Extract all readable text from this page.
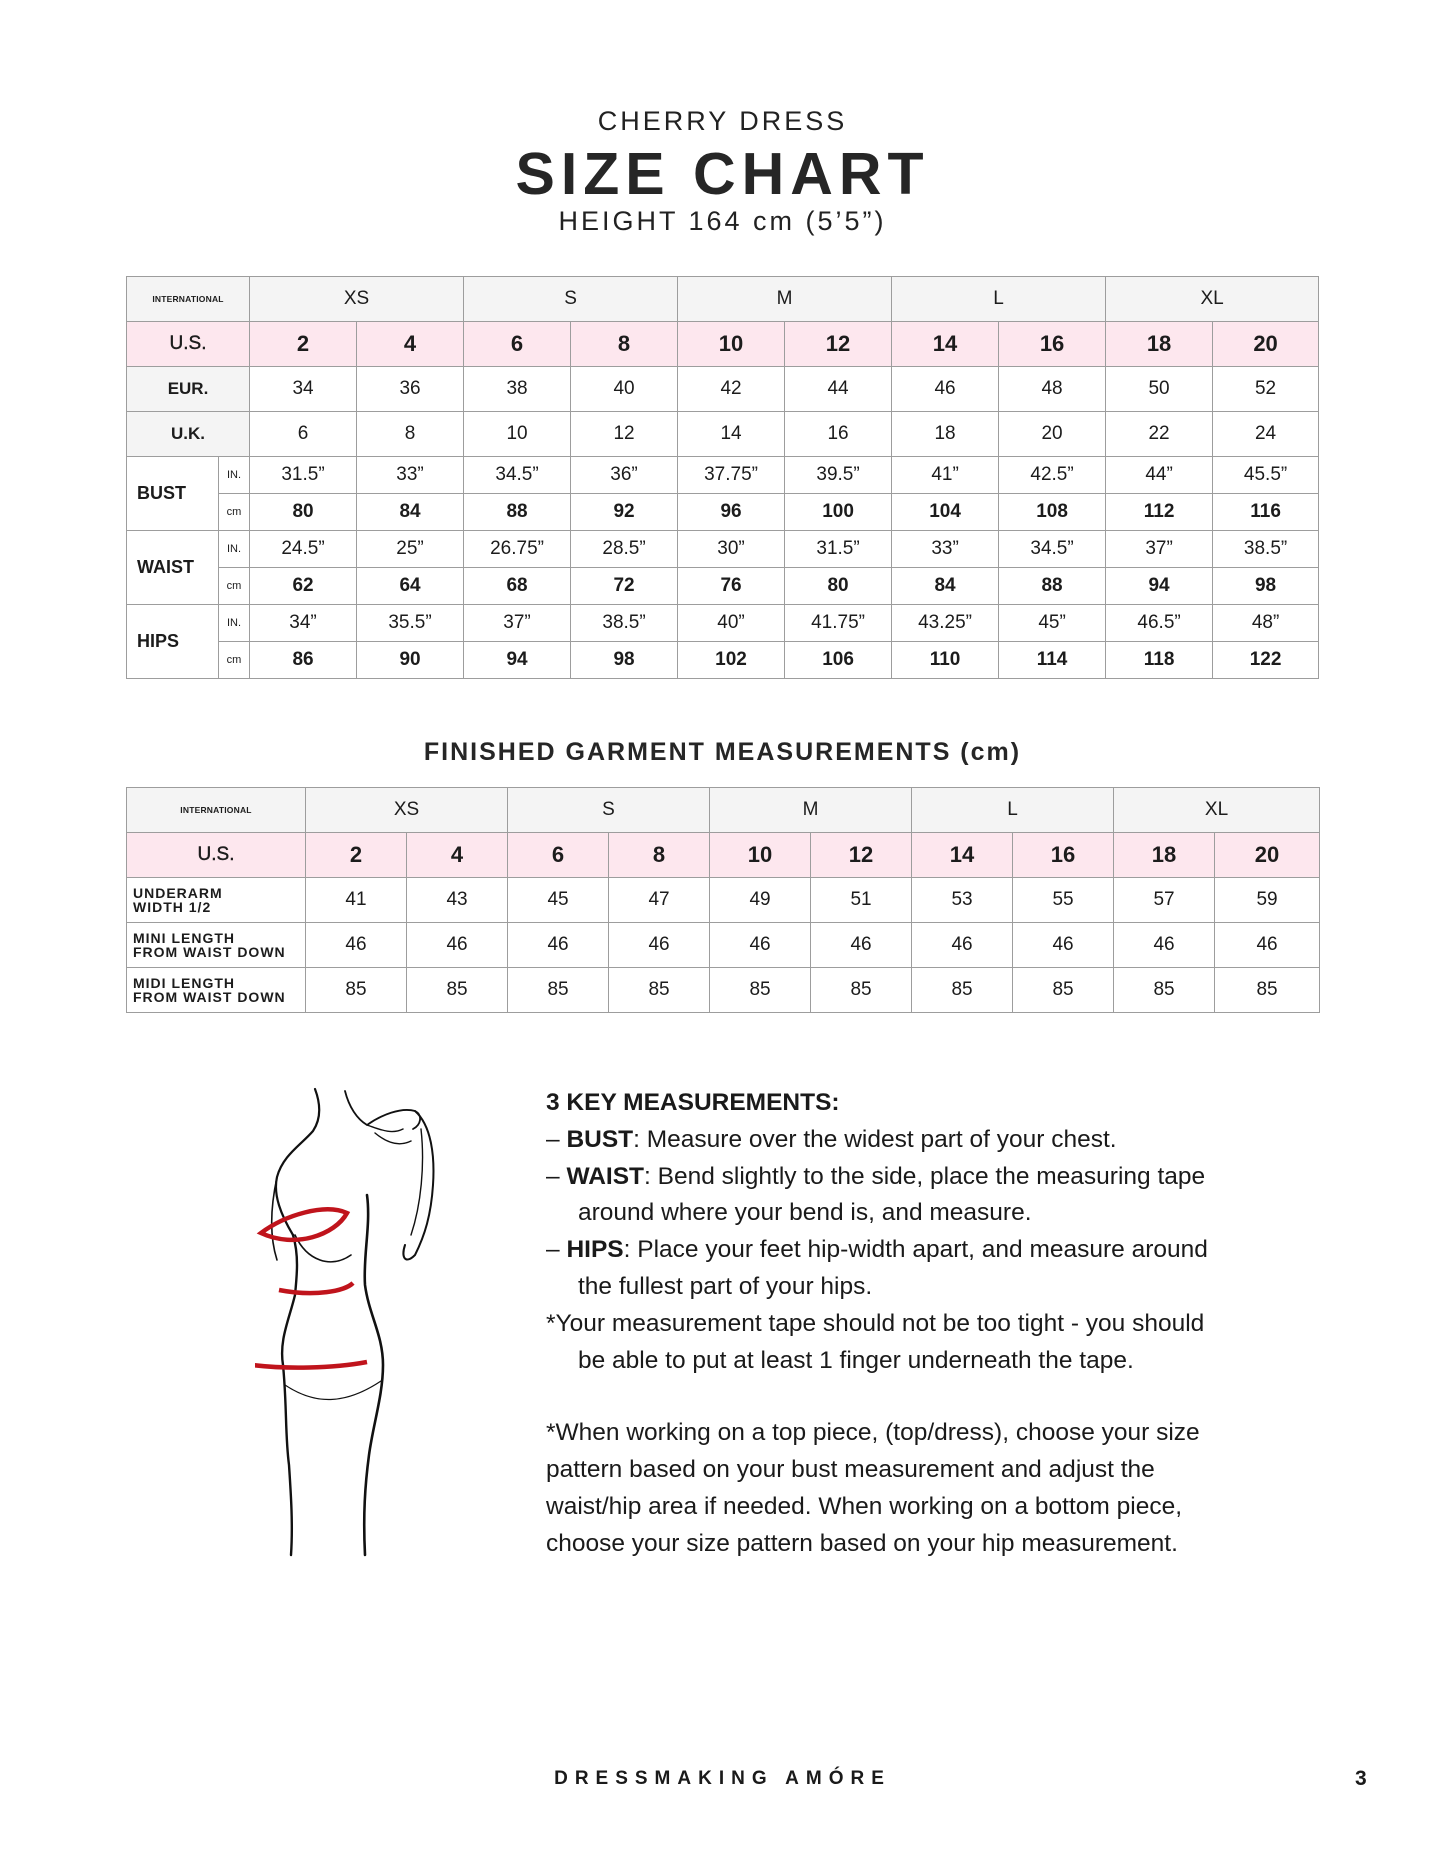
CHERRY DRESS
SIZE CHART
HEIGHT 164 cm (5’5”)
INTERNATIONAL		XS		S		M		L		XL	
U.S.		2	4	6	8	10	12	14	16	18	20
EUR.		34	36	38	40	42	44	46	48	50	52
U.K.		6	8	10	12	14	16	18	20	22	24
BUST	IN.	31.5”	33”	34.5”	36”	37.75”	39.5”	41”	42.5”	44”	45.5”
	cm	80	84	88	92	96	100	104	108	112	116
WAIST	IN.	24.5”	25”	26.75”	28.5”	30”	31.5”	33”	34.5”	37”	38.5”
	cm	62	64	68	72	76	80	84	88	94	98
HIPS	IN.	34”	35.5”	37”	38.5”	40”	41.75”	43.25”	45”	46.5”	48”
	cm	86	90	94	98	102	106	110	114	118	122
FINISHED GARMENT MEASUREMENTS (cm)
INTERNATIONAL	XS		S		M		L		XL	
U.S.	2	4	6	8	10	12	14	16	18	20

UNDERARM
WIDTH 1/2	41	43	45	47	49	51	53	55	57	59

MINI LENGTH
FROM WAIST DOWN	46	46	46	46	46	46	46	46	46	46

MIDI LENGTH
FROM WAIST DOWN	85	85	85	85	85	85	85	85	85	85
3 KEY MEASUREMENTS:
– BUST: Measure over the widest part of your chest.
– WAIST: Bend slightly to the side, place the measuring tape
around where your bend is, and measure.
– HIPS: Place your feet hip-width apart, and measure around
the fullest part of your hips.
*Your measurement tape should not be too tight - you should
be able to put at least 1 finger underneath the tape.
*When working on a top piece, (top/dress), choose your size
pattern based on your bust measurement and adjust the
waist/hip area if needed. When working on a bottom piece,
choose your size pattern based on your hip measurement.
DRESSMAKING AMÓRE	3
